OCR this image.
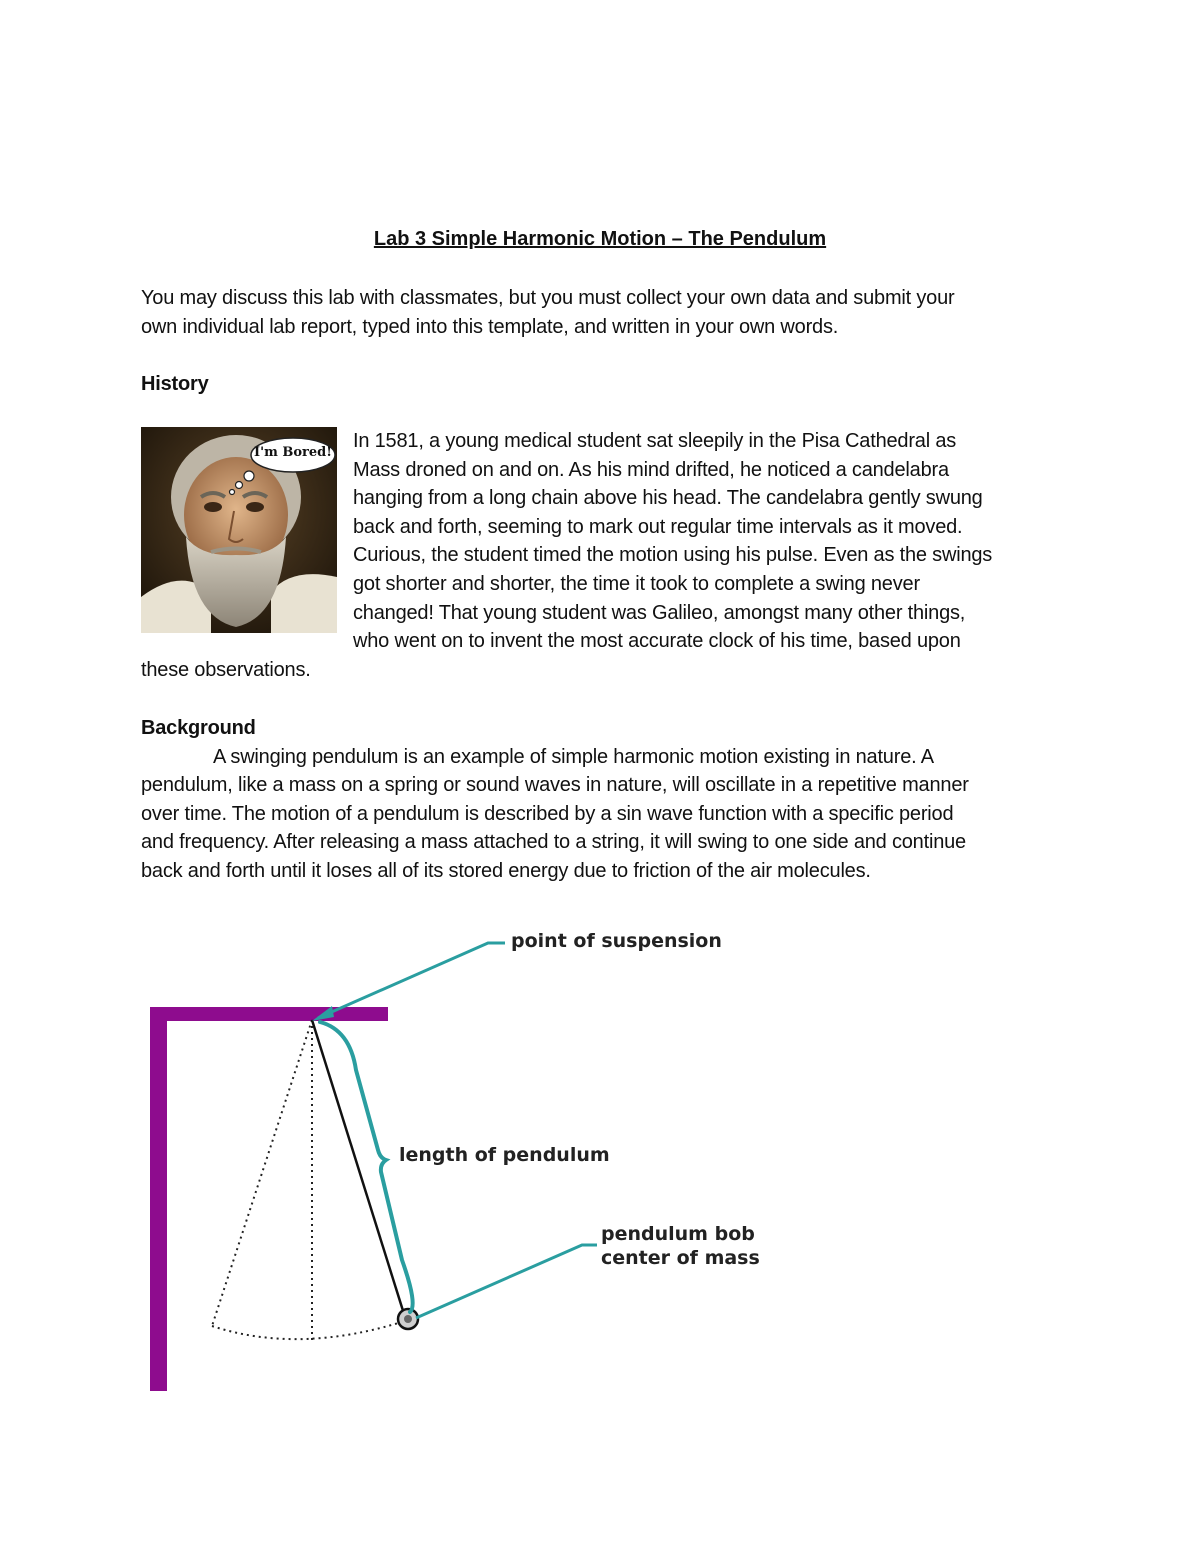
Lab 3 Simple Harmonic Motion – The Pendulum
You may discuss this lab with classmates, but you must collect your own data and submit your
own individual lab report, typed into this template, and written in your own words.
History
I'm Bored!
In 1581, a young medical student sat sleepily in the Pisa Cathedral as
Mass droned on and on. As his mind drifted, he noticed a candelabra
hanging from a long chain above his head. The candelabra gently swung
back and forth, seeming to mark out regular time intervals as it moved.
Curious, the student timed the motion using his pulse. Even as the swings
got shorter and shorter, the time it took to complete a swing never
changed! That young student was Galileo, amongst many other things,
who went on to invent the most accurate clock of his time, based upon
these observations.
Background
A swinging pendulum is an example of simple harmonic motion existing in nature. A
pendulum, like a mass on a spring or sound waves in nature, will oscillate in a repetitive manner
over time. The motion of a pendulum is described by a sin wave function with a specific period
and frequency. After releasing a mass attached to a string, it will swing to one side and continue
back and forth until it loses all of its stored energy due to friction of the air molecules.
point of suspension
length of pendulum
pendulum bob
center of mass
